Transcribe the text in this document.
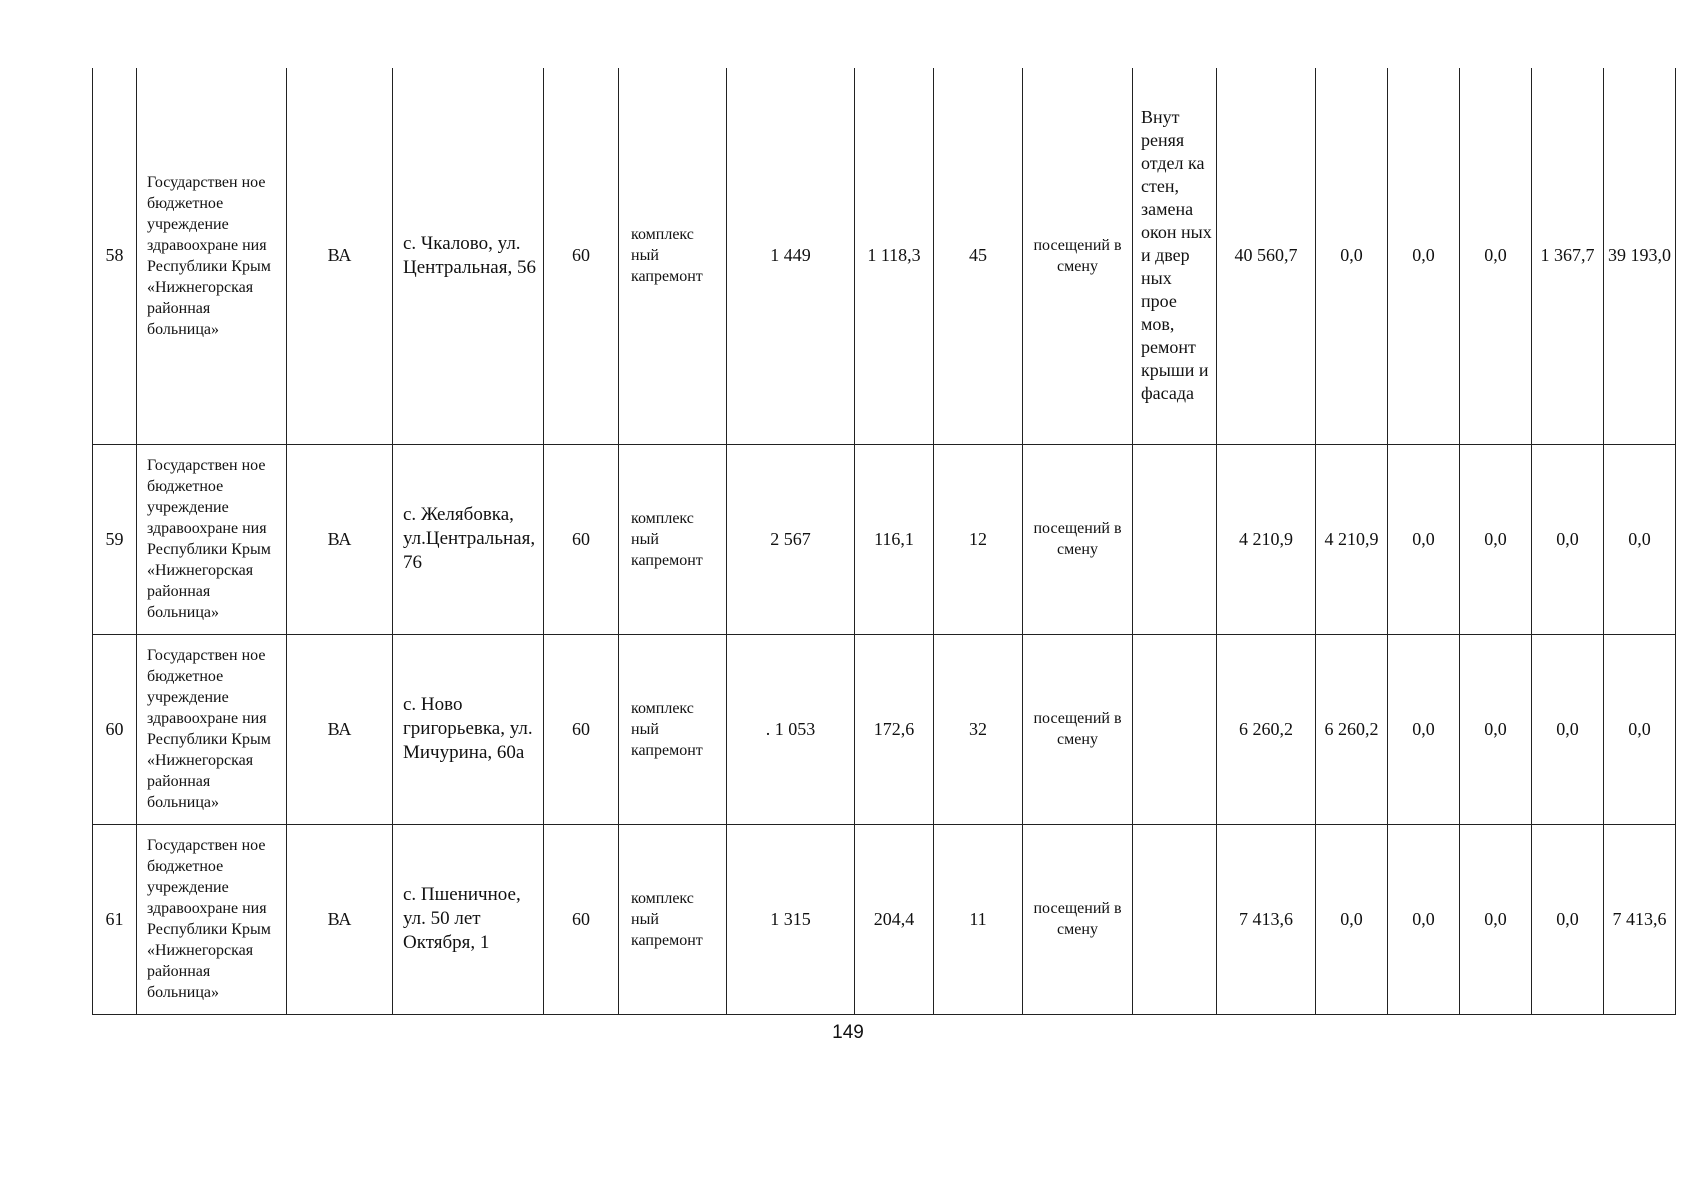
58	Государствен ное бюджетное учреждение здравоохране ния Республики Крым «Нижнегорская районная больница»	ВА	с. Чкалово, ул. Центральная, 56	60	комплекс ный капремонт	1 449	1 118,3	45	посещений в смену	Внут реняя отдел ка стен, замена окон ных и двер ных прое мов, ремонт крыши и фасада	40 560,7	0,0	0,0	0,0	1 367,7	39 193,0
59	Государствен ное бюджетное учреждение здравоохране ния Республики Крым «Нижнегорская районная больница»	ВА	с. Желябовка, ул.Центральная, 76	60	комплекс ный капремонт	2 567	116,1	12	посещений в смену		4 210,9	4 210,9	0,0	0,0	0,0	0,0
60	Государствен ное бюджетное учреждение здравоохране ния Республики Крым «Нижнегорская районная больница»	ВА	с. Ново григорьевка, ул. Мичурина, 60а	60	комплекс ный капремонт	. 1 053	172,6	32	посещений в смену		6 260,2	6 260,2	0,0	0,0	0,0	0,0
61	Государствен ное бюджетное учреждение здравоохране ния Республики Крым «Нижнегорская районная больница»	ВА	с. Пшеничное, ул. 50 лет Октября, 1	60	комплекс ный капремонт	1 315	204,4	11	посещений в смену		7 413,6	0,0	0,0	0,0	0,0	7 413,6
149
